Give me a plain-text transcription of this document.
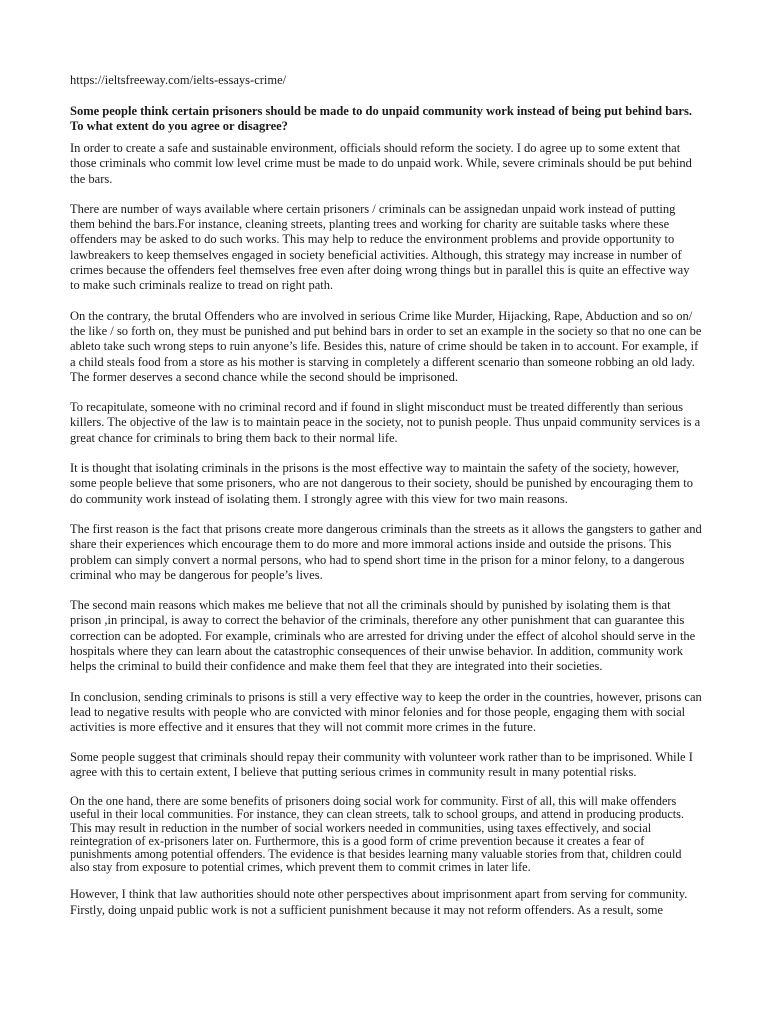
https://ieltsfreeway.com/ielts-essays-crime/
Some people think certain prisoners should be made to do unpaid community work instead of being put behind bars. To what extent do you agree or disagree?

In order to create a safe and sustainable environment, officials should reform the society. I do agree up to some extent that those criminals who commit low level crime must be made to do unpaid work. While, severe criminals should be put behind the bars.

There are number of ways available where certain prisoners / criminals can be assignedan unpaid work instead of putting them behind the bars.For instance, cleaning streets, planting trees and working for charity are suitable tasks where these offenders may be asked to do such works. This may help to reduce the environment problems and provide opportunity to lawbreakers to keep themselves engaged in society beneficial activities. Although, this strategy may increase in number of crimes because the offenders feel themselves free even after doing wrong things but in parallel this is quite an effective way to make such criminals realize to tread on right path.

On the contrary, the brutal Offenders who are involved in serious Crime like Murder, Hijacking, Rape, Abduction and so on/ the like / so forth on, they must be punished and put behind bars in order to set an example in the society so that no one can be ableto take such wrong steps to ruin anyone’s life. Besides this, nature of crime should be taken in to account. For example, if a child steals food from a store as his mother is starving in completely a different scenario than someone robbing an old lady. The former deserves a second chance while the second should be imprisoned.

To recapitulate, someone with no criminal record and if found in slight misconduct must be treated differently than serious killers. The objective of the law is to maintain peace in the society, not to punish people. Thus unpaid community services is a great chance for criminals to bring them back to their normal life.

It is thought that isolating criminals in the prisons is the most effective way to maintain the safety of the society, however, some people believe that some prisoners, who are not dangerous to their society, should be punished by encouraging them to do community work instead of isolating them. I strongly agree with this view for two main reasons.

The first reason is the fact that prisons create more dangerous criminals than the streets as it allows the gangsters to gather and share their experiences which encourage them to do more and more immoral actions inside and outside the prisons. This problem can simply convert a normal persons, who had to spend short time in the prison for a minor felony, to a dangerous criminal who may be dangerous for people’s lives.

The second main reasons which makes me believe that not all the criminals should by punished by isolating them is that prison ,in principal, is away to correct the behavior of the criminals, therefore any other punishment that can guarantee this correction can be adopted. For example, criminals who are arrested for driving under the effect of alcohol should serve in the hospitals where they can learn about the catastrophic consequences of their unwise behavior. In addition, community work helps the criminal to build their confidence and make them feel that they are integrated into their societies.

In conclusion, sending criminals to prisons is still a very effective way to keep the order in the countries, however, prisons can lead to negative results with people who are convicted with minor felonies and for those people, engaging them with social activities is more effective and it ensures that they will not commit more crimes in the future.

Some people suggest that criminals should repay their community with volunteer work rather than to be imprisoned. While I agree with this to certain extent, I believe that putting serious crimes in community result in many potential risks.

On the one hand, there are some benefits of prisoners doing social work for community. First of all, this will make offenders useful in their local communities. For instance, they can clean streets, talk to school groups, and attend in producing products. This may result in reduction in the number of social workers needed in communities, using taxes effectively, and social reintegration of ex-prisoners later on. Furthermore, this is a good form of crime prevention because it creates a fear of punishments among potential offenders. The evidence is that besides learning many valuable stories from that, children could also stay from exposure to potential crimes, which prevent them to commit crimes in later life.

However, I think that law authorities should note other perspectives about imprisonment apart from serving for community. Firstly, doing unpaid public work is not a sufficient punishment because it may not reform offenders. As a result, some
